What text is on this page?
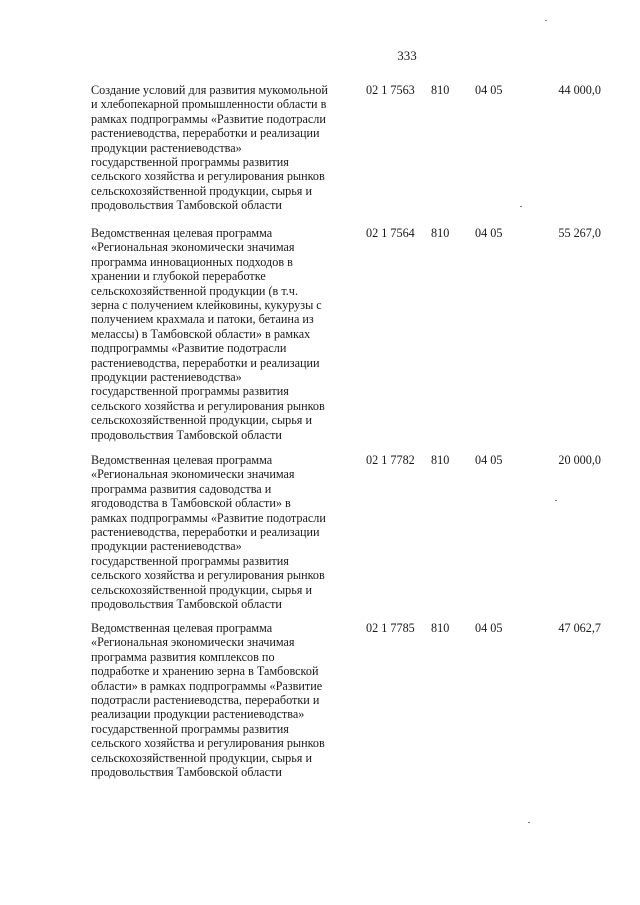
333
Создание условий для развития мукомольной
и хлебопекарной промышленности области в
рамках подпрограммы «Развитие подотрасли
растениеводства, переработки и реализации
продукции растениеводства»
государственной программы развития
сельского хозяйства и регулирования рынков
сельскохозяйственной продукции, сырья и
продовольствия Тамбовской области
02 1 7563 810 04 05	44 000,0
Ведомственная целевая программа
«Региональная экономически значимая
программа инновационных подходов в
хранении и глубокой переработке
сельскохозяйственной продукции (в т.ч.
зерна с получением клейковины, кукурузы с
получением крахмала и патоки, бетаина из
мелассы) в Тамбовской области» в рамках
подпрограммы «Развитие подотрасли
растениеводства, переработки и реализации
продукции растениеводства»
государственной программы развития
сельского хозяйства и регулирования рынков
сельскохозяйственной продукции, сырья и
продовольствия Тамбовской области
02 1 7564 810 04 05	55 267,0
Ведомственная целевая программа
«Региональная экономически значимая
программа развития садоводства и
ягодоводства в Тамбовской области» в
рамках подпрограммы «Развитие подотрасли
растениеводства, переработки и реализации
продукции растениеводства»
государственной программы развития
сельского хозяйства и регулирования рынков
сельскохозяйственной продукции, сырья и
продовольствия Тамбовской области
02 1 7782 810 04 05	20 000,0
Ведомственная целевая программа
«Региональная экономически значимая
программа развития комплексов по
подработке и хранению зерна в Тамбовской
области» в рамках подпрограммы «Развитие
подотрасли растениеводства, переработки и
реализации продукции растениеводства»
государственной программы развития
сельского хозяйства и регулирования рынков
сельскохозяйственной продукции, сырья и
продовольствия Тамбовской области
02 1 7785 810 04 05	47 062,7
